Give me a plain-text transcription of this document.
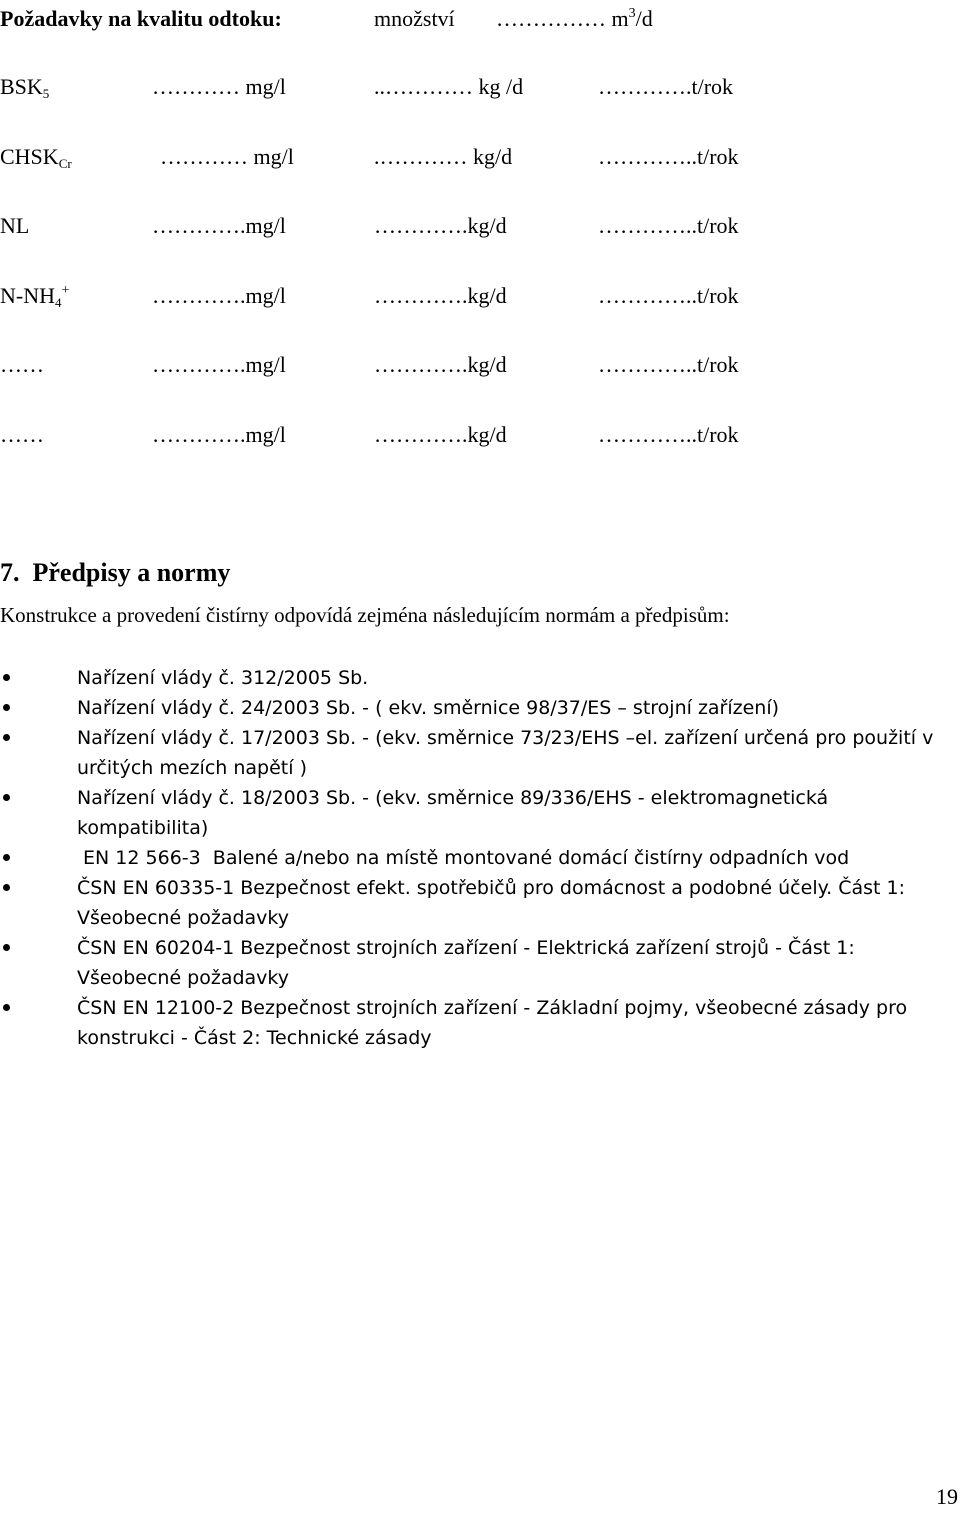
Požadavky na kvalitu odtoku:	množství …………… $m^3/d$
$BSK_5$	………… mg/l	..………… kg /d	………….t/rok
$CHSK_{Cr}$	………… mg/l	.………… kg/d	…………..t/rok
NL	………….mg/l	………….kg/d	…………..t/rok
$N-NH_4^+$	………….mg/l	………….kg/d	…………..t/rok
……	………….mg/l	………….kg/d	…………..t/rok
……	………….mg/l	………….kg/d	…………..t/rok
7.  Předpisy a normy
Konstrukce a provedení čistírny odpovídá zejména následujícím normám a předpisům:
Nařízení vlády č. 312/2005 Sb.
Nařízení vlády č. 24/2003 Sb. - ( ekv. směrnice 98/37/ES – strojní zařízení)
Nařízení vlády č. 17/2003 Sb. - (ekv. směrnice 73/23/EHS –el. zařízení určená pro použití v určitých mezích napětí )
Nařízení vlády č. 18/2003 Sb. - (ekv. směrnice 89/336/EHS - elektromagnetická kompatibilita)
EN 12 566-3  Balené a/nebo na místě montované domácí čistírny odpadních vod
ČSN EN 60335-1 Bezpečnost efekt. spotřebičů pro domácnost a podobné účely. Část 1: Všeobecné požadavky
ČSN EN 60204-1 Bezpečnost strojních zařízení - Elektrická zařízení strojů - Část 1: Všeobecné požadavky
ČSN EN 12100-2 Bezpečnost strojních zařízení - Základní pojmy, všeobecné zásady pro konstrukci - Část 2: Technické zásady
19
